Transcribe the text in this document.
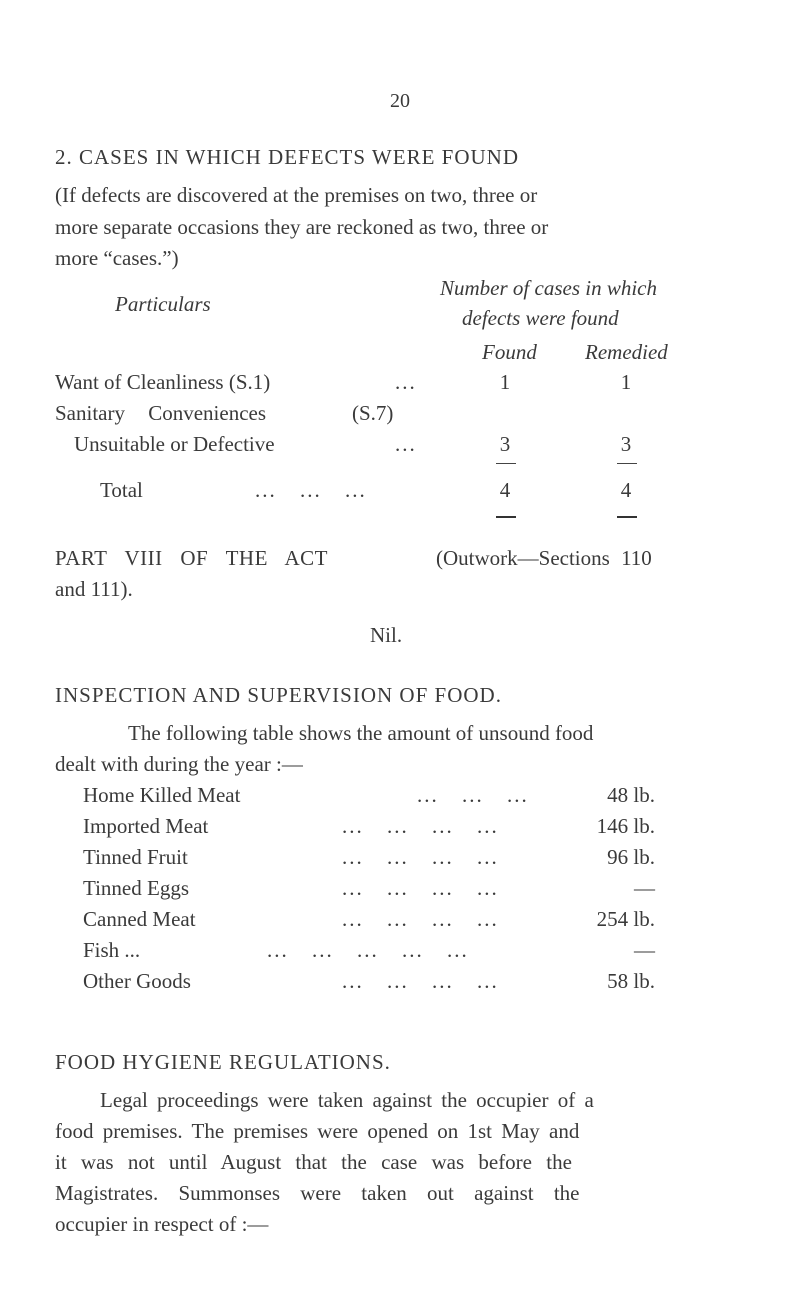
20
2. CASES IN WHICH DEFECTS WERE FOUND
(If defects are discovered at the premises on two, three or
more separate occasions they are reckoned as two, three or
more “cases.”)
Particulars
Number of cases in which
defects were found
Found Remedied
Want of Cleanliness (S.1)	...	1	1
Sanitary Conveniences	(S.7)
Unsuitable or Defective	...	3	3
Total	... ... ...	4	4
PART VIII OF THE ACT	(Outwork—Sections 110
and 111).
Nil.
INSPECTION AND SUPERVISION OF FOOD.
The following table shows the amount of unsound food
dealt with during the year :—
Home Killed Meat	... ... ...	48 lb.
Imported Meat	... ... ... ...	146 lb.
Tinned Fruit	... ... ... ...	96 lb.
Tinned Eggs	... ... ... ...	—
Canned Meat	... ... ... ...	254 lb.
Fish ...	... ... ... ... ...	—
Other Goods	... ... ... ...	58 lb.
FOOD HYGIENE REGULATIONS.
Legal proceedings were taken against the occupier of a
food premises. The premises were opened on 1st May and
it was not until August that the case was before the
Magistrates. Summonses were taken out against the
occupier in respect of :—
